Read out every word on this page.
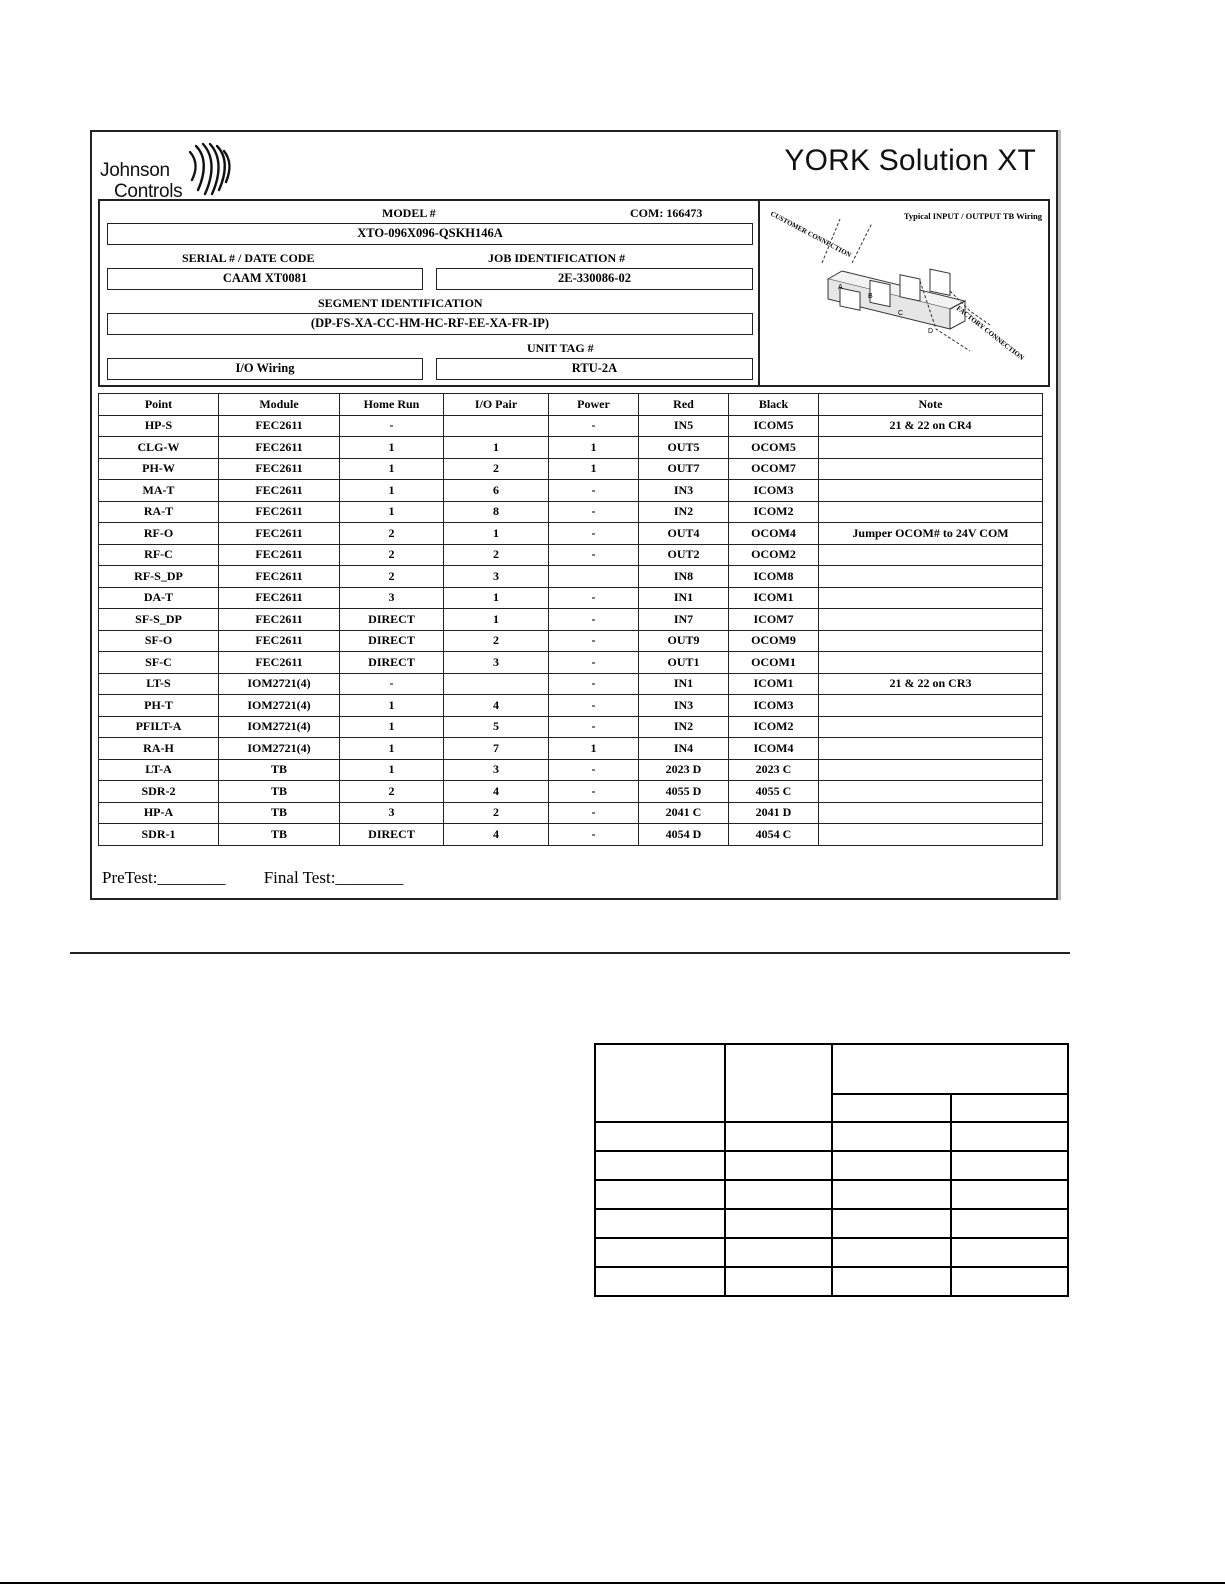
Johnson
Controls
YORK Solution XT
MODEL #	COM: 166473
XTO-096X096-QSKH146A
SERIAL # / DATE CODE	JOB IDENTIFICATION #
CAAM XT0081	2E-330086-02
SEGMENT IDENTIFICATION
(DP-FS-XA-CC-HM-HC-RF-EE-XA-FR-IP)
UNIT TAG #
I/O Wiring	RTU-2A
Typical INPUT / OUTPUT TB Wiring
A
B
C
D
CUSTOMER CONNECTION
FACTORY CONNECTION
Point	Module	Home Run	I/O Pair	Power	Red	Black	Note
HP-S	FEC2611	-		-	IN5	ICOM5	21 & 22 on CR4
CLG-W	FEC2611	1	1	1	OUT5	OCOM5	
PH-W	FEC2611	1	2	1	OUT7	OCOM7	
MA-T	FEC2611	1	6	-	IN3	ICOM3	
RA-T	FEC2611	1	8	-	IN2	ICOM2	
RF-O	FEC2611	2	1	-	OUT4	OCOM4	Jumper OCOM# to 24V COM
RF-C	FEC2611	2	2	-	OUT2	OCOM2	
RF-S_DP	FEC2611	2	3		IN8	ICOM8	
DA-T	FEC2611	3	1	-	IN1	ICOM1	
SF-S_DP	FEC2611	DIRECT	1	-	IN7	ICOM7	
SF-O	FEC2611	DIRECT	2	-	OUT9	OCOM9	
SF-C	FEC2611	DIRECT	3	-	OUT1	OCOM1	
LT-S	IOM2721(4)	-		-	IN1	ICOM1	21 & 22 on CR3
PH-T	IOM2721(4)	1	4	-	IN3	ICOM3	
PFILT-A	IOM2721(4)	1	5	-	IN2	ICOM2	
RA-H	IOM2721(4)	1	7	1	IN4	ICOM4	
LT-A	TB	1	3	-	2023 D	2023 C	
SDR-2	TB	2	4	-	4055 D	4055 C	
HP-A	TB	3	2	-	2041 C	2041 D	
SDR-1	TB	DIRECT	4	-	4054 D	4054 C	
PreTest:________ Final Test:________
